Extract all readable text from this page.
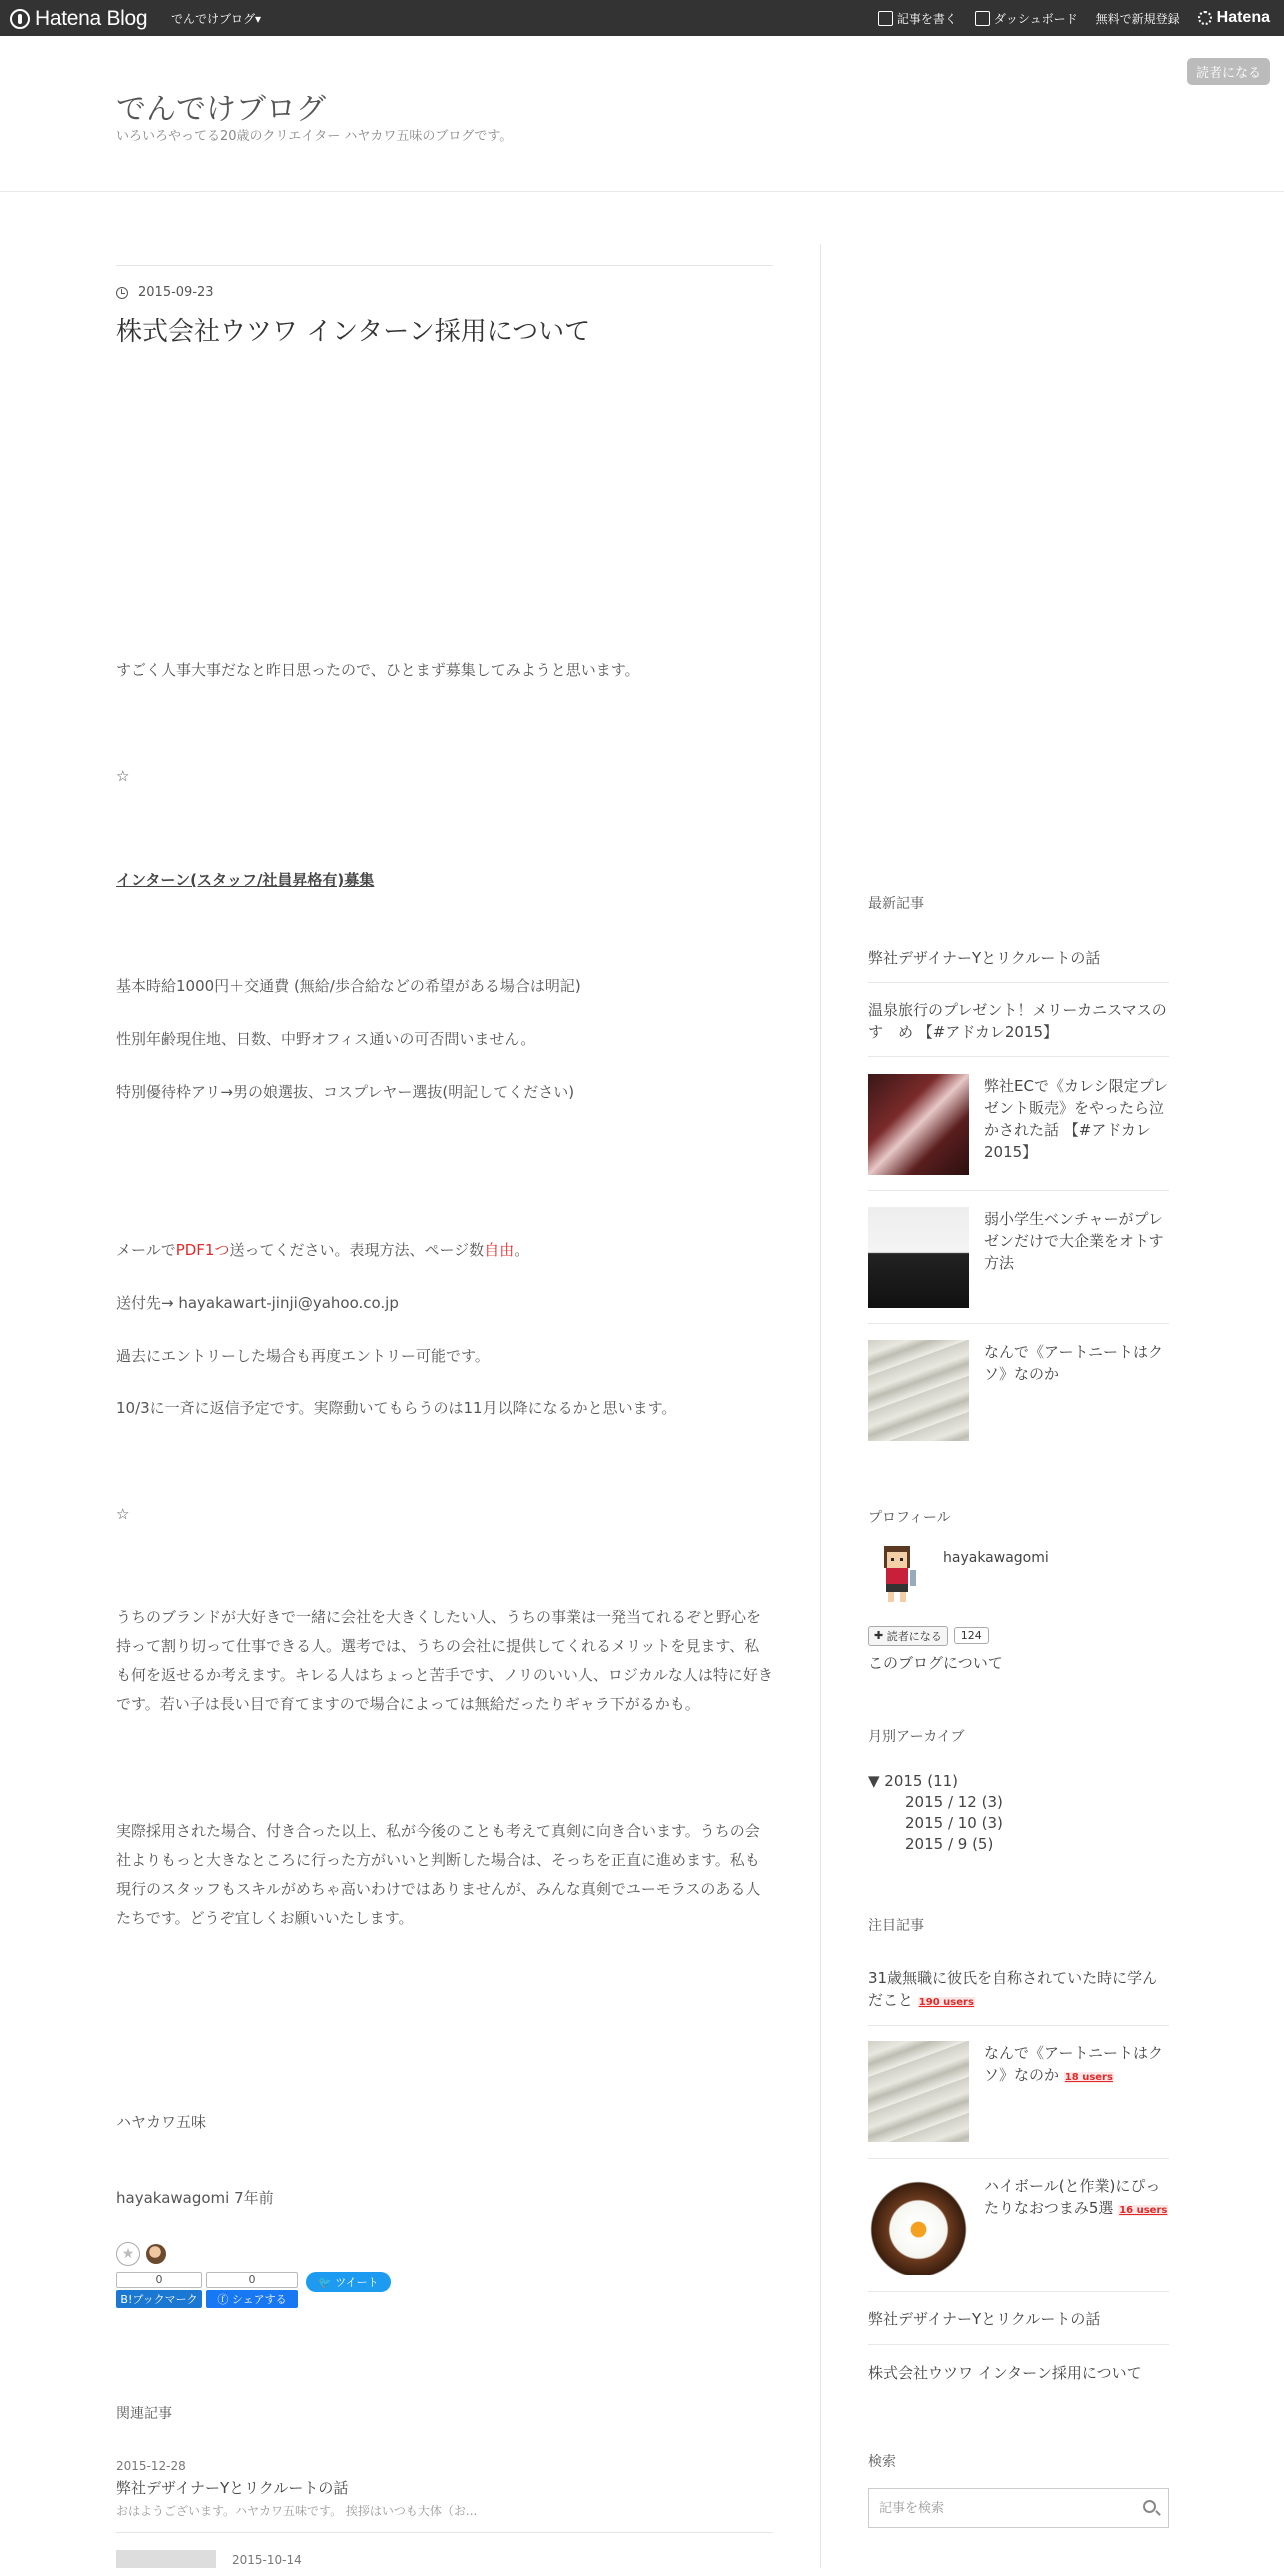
Hatena Blog でんでけブログ▾	記事を書く	ダッシュボード 無料で新規登録 Hatena
でんでけブログ
いろいろやってる20歳のクリエイター ハヤカワ五味のブログです。
読者になる
2015-09-23
株式会社ウツワ インターン採用について
すごく人事大事だなと昨日思ったので、ひとまず募集してみようと思います。
☆
インターン(スタッフ/社員昇格有)募集
基本時給1000円＋交通費 (無給/歩合給などの希望がある場合は明記)
性別年齢現住地、日数、中野オフィス通いの可否問いません。
特別優待枠アリ→男の娘選抜、コスプレヤー選抜(明記してください)
メールでPDF1つ送ってください。表現方法、ページ数自由。
送付先→ hayakawart-jinji@yahoo.co.jp
過去にエントリーした場合も再度エントリー可能です。
10/3に一斉に返信予定です。実際動いてもらうのは11月以降になるかと思います。
☆
うちのブランドが大好きで一緒に会社を大きくしたい人、うちの事業は一発当てれるぞと野心を持って割り切って仕事できる人。選考では、うちの会社に提供してくれるメリットを見ます、私も何を返せるか考えます。キレる人はちょっと苦手です、ノリのいい人、ロジカルな人は特に好きです。若い子は長い目で育てますので場合によっては無給だったりギャラ下がるかも。
実際採用された場合、付き合った以上、私が今後のことも考えて真剣に向き合います。うちの会社よりもっと大きなところに行った方がいいと判断した場合は、そっちを正直に進めます。私も現行のスタッフもスキルがめちゃ高いわけではありませんが、みんな真剣でユーモラスのある人たちです。どうぞ宜しくお願いいたします。
ハヤカワ五味
hayakawagomi 7年前
★
0
B!ブックマーク
0
ⓕ シェアする
🐦 ツイート
関連記事
2015-12-28
弊社デザイナーYとリクルートの話
おはようございます。ハヤカワ五味です。 挨拶はいつも大体（お...
2015-10-14
最新記事
弊社デザイナーYとリクルートの話
温泉旅行のプレゼント！メリーカニスマスのす　め 【#アドカレ2015】
弊社ECで《カレシ限定プレゼント販売》をやったら泣かされた話 【#アドカレ2015】
弱小学生ベンチャーがプレゼンだけで大企業をオトす方法
なんで《アートニートはクソ》なのか
プロフィール
hayakawagomi
✚ 読者になる 124
このブログについて
月別アーカイブ
▼ 2015 (11)
2015 / 12 (3)
2015 / 10 (3)
2015 / 9 (5)
注目記事
31歳無職に彼氏を自称されていた時に学んだこと 190 users
なんで《アートニートはクソ》なのか 18 users
ハイボール(と作業)にぴったりなおつまみ5選 16 users
弊社デザイナーYとリクルートの話
株式会社ウツワ インターン採用について
検索
記事を検索
